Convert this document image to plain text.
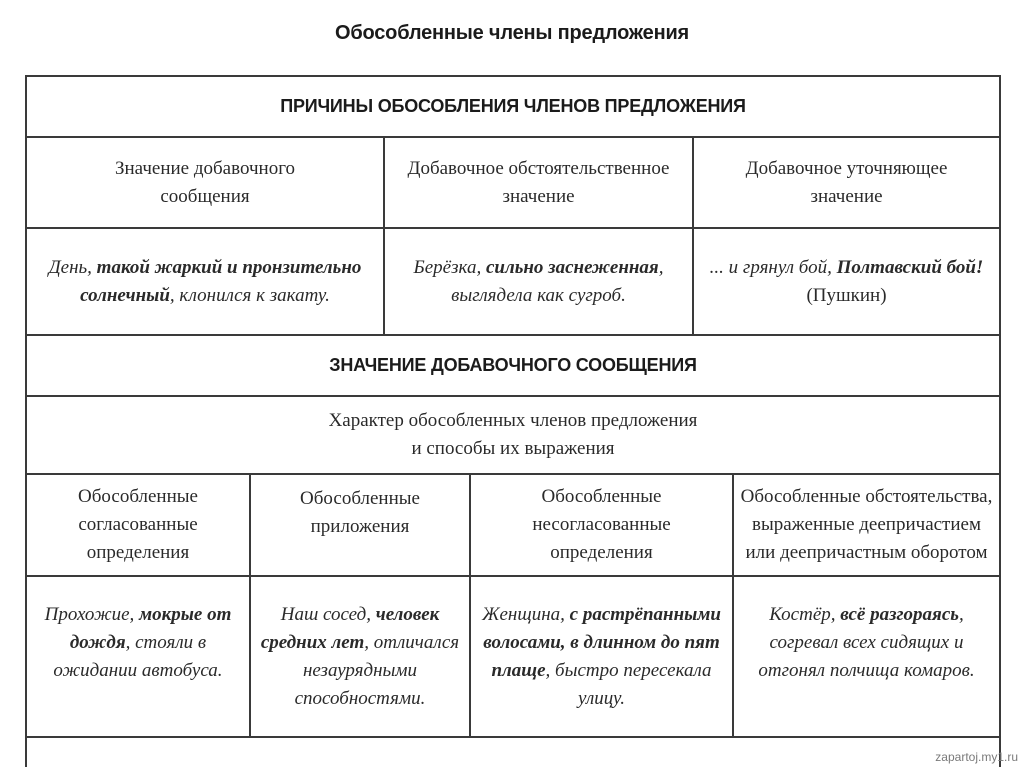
Обособленные члены предложения
ПРИЧИНЫ ОБОСОБЛЕНИЯ ЧЛЕНОВ ПРЕДЛОЖЕНИЯ
Значение добавочного
сообщения
Добавочное обстоятельственное
значение
Добавочное уточняющее
значение
День, такой жаркий и пронзительно
солнечный, клонился к закату.
Берёзка, сильно заснеженная,
выглядела как сугроб.
... и грянул бой, Полтавский бой!
(Пушкин)
ЗНАЧЕНИЕ ДОБАВОЧНОГО СООБЩЕНИЯ
Характер обособленных членов предложения
и способы их выражения
Обособленные
согласованные
определения
Обособленные
приложения
Обособленные
несогласованные
определения
Обособленные обстоятельства,
выраженные деепричастием
или деепричастным оборотом
Прохожие, мокрые от
дождя, стояли в
ожидании автобуса.
Наш сосед, человек
средних лет, отличался
незаурядными
способностями.
Женщина, с растрёпанными
волосами, в длинном до пят
плаще, быстро пересекала
улицу.
Костёр, всё разгораясь,
согревал всех сидящих и
отгонял полчища комаров.
zapartoj.my1.ru
